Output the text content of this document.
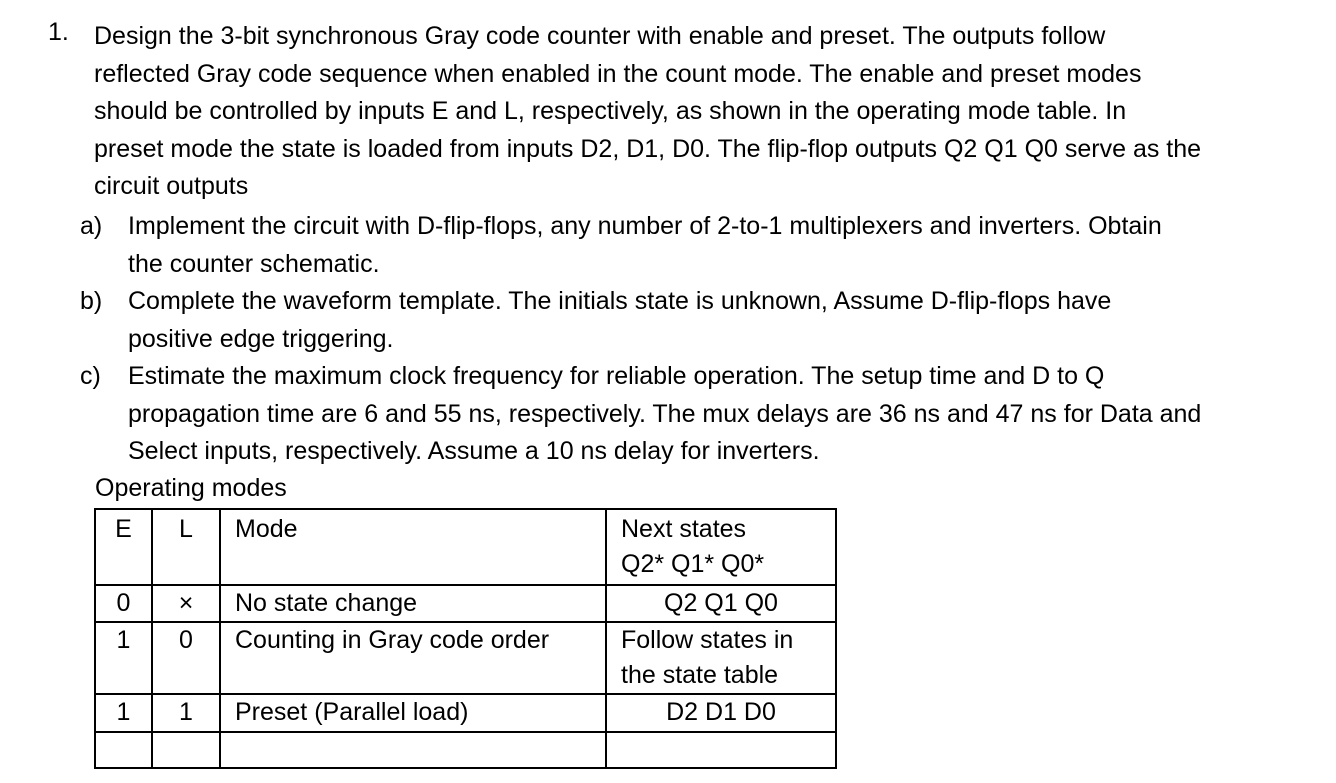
1.	Design the 3-bit synchronous Gray code counter with enable and preset. The outputs follow

reflected Gray code sequence when enabled in the count mode. The enable and preset modes

should be controlled by inputs E and L, respectively, as shown in the operating mode table. In

preset mode the state is loaded from inputs D2, D1, D0. The flip-flop outputs Q2 Q1 Q0 serve as the

circuit outputs

a) Implement the circuit with D-flip-flops, any number of 2-to-1 multiplexers and inverters. Obtain

the counter schematic.

b) Complete the waveform template. The initials state is unknown, Assume D-flip-flops have

positive edge triggering.

c) Estimate the maximum clock frequency for reliable operation. The setup time and D to Q

propagation time are 6 and 55 ns, respectively. The mux delays are 36 ns and 47 ns for Data and

Select inputs, respectively. Assume a 10 ns delay for inverters.

Operating modes
E	L	Mode	Next states
Q2* Q1* Q0*

0	×	No state change	Q2 Q1 Q0
1	0	Counting in Gray code order	Follow states in
the state table

1	1	Preset (Parallel load)	D2 D1 D0
